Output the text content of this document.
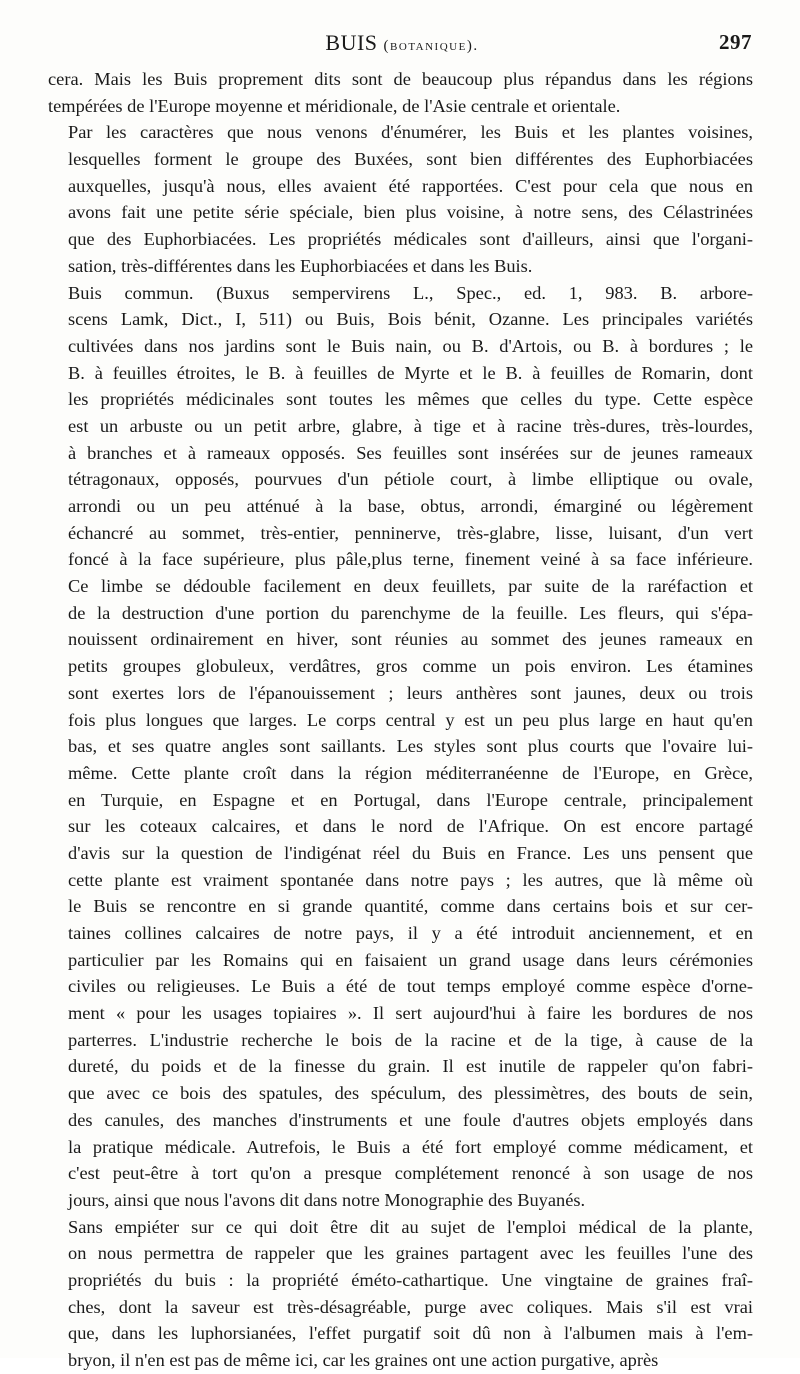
BUIS (botanique).	297
cera. Mais les Buis proprement dits sont de beaucoup plus répandus dans les régions
tempérées de l'Europe moyenne et méridionale, de l'Asie centrale et orientale.
Par les caractères que nous venons d'énumérer, les Buis et les plantes voisines,
lesquelles forment le groupe des Buxées, sont bien différentes des Euphorbiacées
auxquelles, jusqu'à nous, elles avaient été rapportées. C'est pour cela que nous en
avons fait une petite série spéciale, bien plus voisine, à notre sens, des Célastrinées
que des Euphorbiacées. Les propriétés médicales sont d'ailleurs, ainsi que l'organi-
sation, très-différentes dans les Euphorbiacées et dans les Buis.
Buis commun. (Buxus sempervirens L., Spec., ed. 1, 983. B. arbore-
scens Lamk, Dict., I, 511) ou Buis, Bois bénit, Ozanne. Les principales variétés
cultivées dans nos jardins sont le Buis nain, ou B. d'Artois, ou B. à bordures ; le
B. à feuilles étroites, le B. à feuilles de Myrte et le B. à feuilles de Romarin, dont
les propriétés médicinales sont toutes les mêmes que celles du type. Cette espèce
est un arbuste ou un petit arbre, glabre, à tige et à racine très-dures, très-lourdes,
à branches et à rameaux opposés. Ses feuilles sont insérées sur de jeunes rameaux
tétragonaux, opposés, pourvues d'un pétiole court, à limbe elliptique ou ovale,
arrondi ou un peu atténué à la base, obtus, arrondi, émarginé ou légèrement
échancré au sommet, très-entier, penninerve, très-glabre, lisse, luisant, d'un vert
foncé à la face supérieure, plus pâle,plus terne, finement veiné à sa face inférieure.
Ce limbe se dédouble facilement en deux feuillets, par suite de la raréfaction et
de la destruction d'une portion du parenchyme de la feuille. Les fleurs, qui s'épa-
nouissent ordinairement en hiver, sont réunies au sommet des jeunes rameaux en
petits groupes globuleux, verdâtres, gros comme un pois environ. Les étamines
sont exertes lors de l'épanouissement ; leurs anthères sont jaunes, deux ou trois
fois plus longues que larges. Le corps central y est un peu plus large en haut qu'en
bas, et ses quatre angles sont saillants. Les styles sont plus courts que l'ovaire lui-
même. Cette plante croît dans la région méditerranéenne de l'Europe, en Grèce,
en Turquie, en Espagne et en Portugal, dans l'Europe centrale, principalement
sur les coteaux calcaires, et dans le nord de l'Afrique. On est encore partagé
d'avis sur la question de l'indigénat réel du Buis en France. Les uns pensent que
cette plante est vraiment spontanée dans notre pays ; les autres, que là même où
le Buis se rencontre en si grande quantité, comme dans certains bois et sur cer-
taines collines calcaires de notre pays, il y a été introduit anciennement, et en
particulier par les Romains qui en faisaient un grand usage dans leurs cérémonies
civiles ou religieuses. Le Buis a été de tout temps employé comme espèce d'orne-
ment « pour les usages topiaires ». Il sert aujourd'hui à faire les bordures de nos
parterres. L'industrie recherche le bois de la racine et de la tige, à cause de la
dureté, du poids et de la finesse du grain. Il est inutile de rappeler qu'on fabri-
que avec ce bois des spatules, des spéculum, des plessimètres, des bouts de sein,
des canules, des manches d'instruments et une foule d'autres objets employés dans
la pratique médicale. Autrefois, le Buis a été fort employé comme médicament, et
c'est peut-être à tort qu'on a presque complétement renoncé à son usage de nos
jours, ainsi que nous l'avons dit dans notre Monographie des Buyanés.
Sans empiéter sur ce qui doit être dit au sujet de l'emploi médical de la plante,
on nous permettra de rappeler que les graines partagent avec les feuilles l'une des
propriétés du buis : la propriété éméto-cathartique. Une vingtaine de graines fraî-
ches, dont la saveur est très-désagréable, purge avec coliques. Mais s'il est vrai
que, dans les luphorsianées, l'effet purgatif soit dû non à l'albumen mais à l'em-
bryon, il n'en est pas de même ici, car les graines ont une action purgative, après
